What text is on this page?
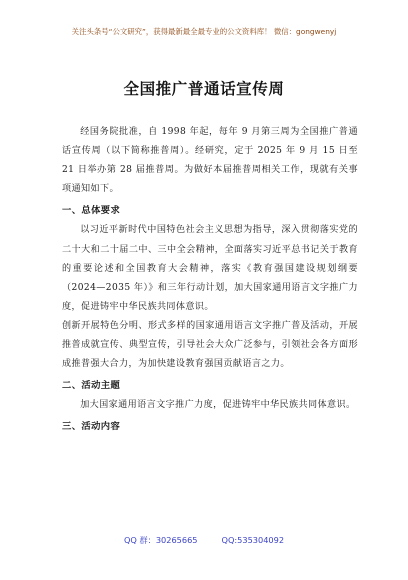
关注头条号“公文研究”，获得最新最全最专业的公文资料库！ 微信：gongwenyj
全国推广普通话宣传周

经国务院批准，自 1998 年起，每年 9 月第三周为全国推广普通话宣传周（以下简称推普周）。经研究，定于 2025 年 9 月 15 日至 21 日举办第 28 届推普周。为做好本届推普周相关工作，现就有关事项通知如下。

一、总体要求

以习近平新时代中国特色社会主义思想为指导，深入贯彻落实党的二十大和二十届二中、三中全会精神，全面落实习近平总书记关于教育的重要论述和全国教育大会精神，落实《教育强国建设规划纲要（2024—2035 年）》和三年行动计划，加大国家通用语言文字推广力度，促进铸牢中华民族共同体意识。

创新开展特色分明、形式多样的国家通用语言文字推广普及活动，开展推普成就宣传、典型宣传，引导社会大众广泛参与，引领社会各方面形成推普强大合力，为加快建设教育强国贡献语言之力。

二、活动主题

加大国家通用语言文字推广力度，促进铸牢中华民族共同体意识。

三、活动内容
QQ 群：30265665	QQ:535304092
